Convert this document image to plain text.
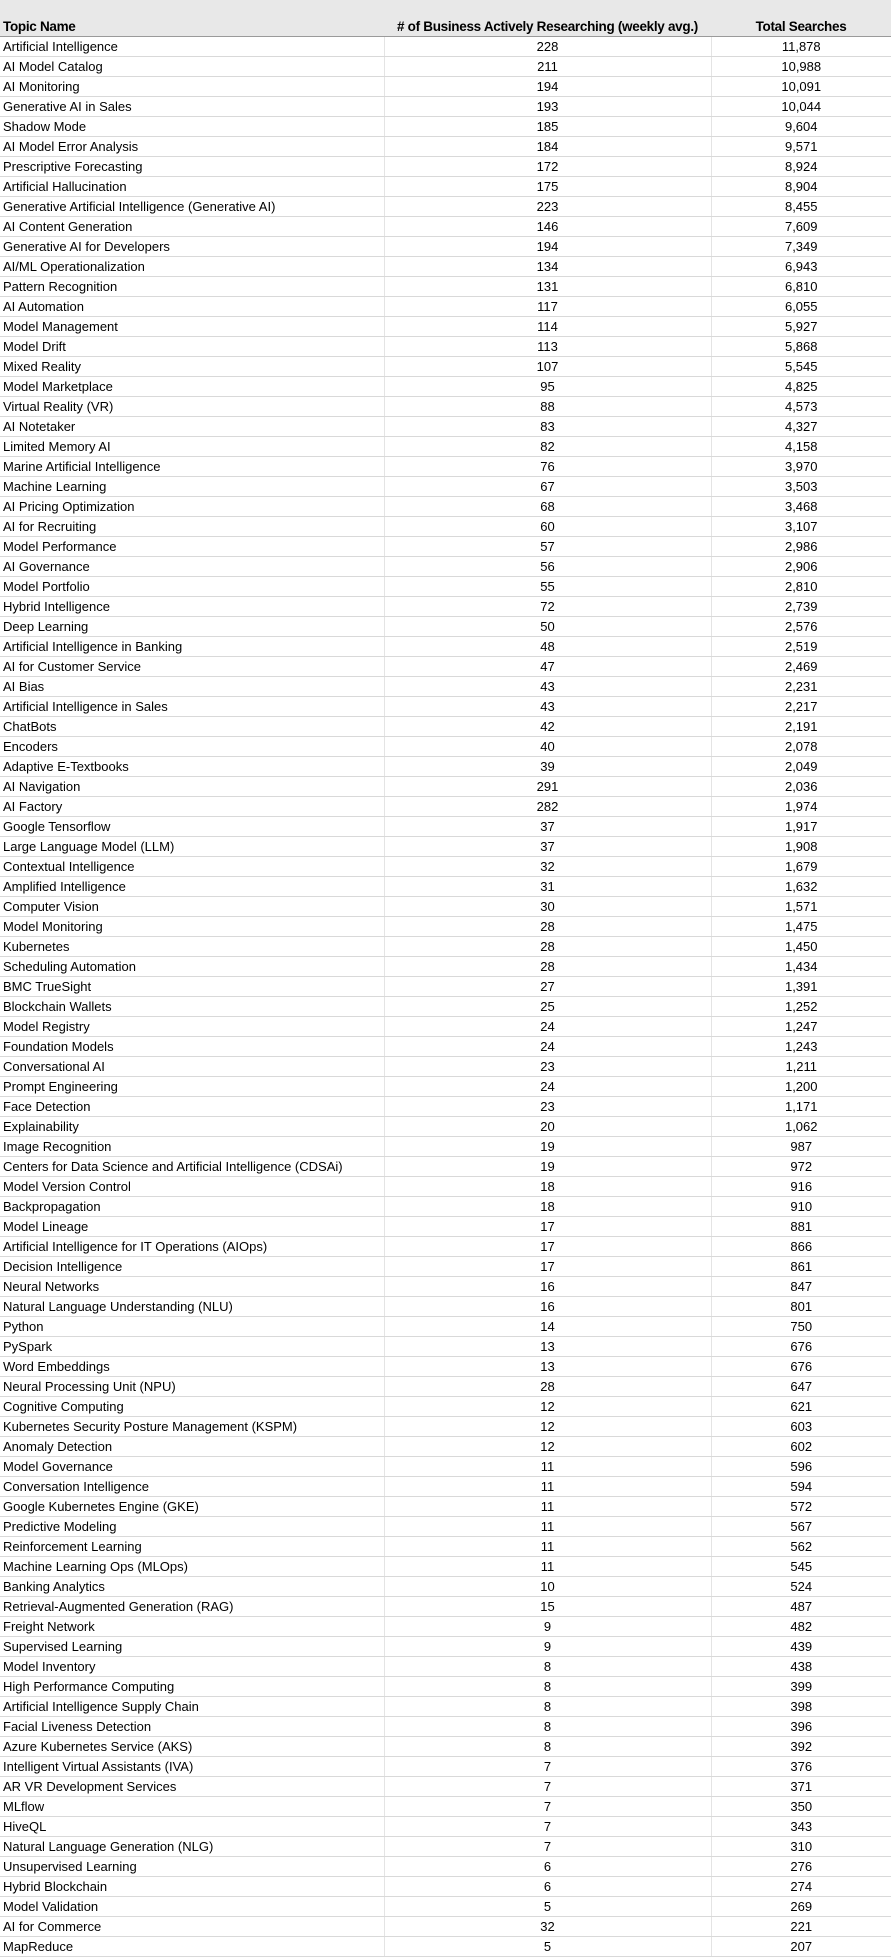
Topic Name	# of Business Actively Researching (weekly avg.)	Total Searches
Artificial Intelligence	228	11,878
AI Model Catalog	211	10,988
AI Monitoring	194	10,091
Generative AI in Sales	193	10,044
Shadow Mode	185	9,604
AI Model Error Analysis	184	9,571
Prescriptive Forecasting	172	8,924
Artificial Hallucination	175	8,904
Generative Artificial Intelligence (Generative AI)	223	8,455
AI Content Generation	146	7,609
Generative AI for Developers	194	7,349
AI/ML Operationalization	134	6,943
Pattern Recognition	131	6,810
AI Automation	117	6,055
Model Management	114	5,927
Model Drift	113	5,868
Mixed Reality	107	5,545
Model Marketplace	95	4,825
Virtual Reality (VR)	88	4,573
AI Notetaker	83	4,327
Limited Memory AI	82	4,158
Marine Artificial Intelligence	76	3,970
Machine Learning	67	3,503
AI Pricing Optimization	68	3,468
AI for Recruiting	60	3,107
Model Performance	57	2,986
AI Governance	56	2,906
Model Portfolio	55	2,810
Hybrid Intelligence	72	2,739
Deep Learning	50	2,576
Artificial Intelligence in Banking	48	2,519
AI for Customer Service	47	2,469
AI Bias	43	2,231
Artificial Intelligence in Sales	43	2,217
ChatBots	42	2,191
Encoders	40	2,078
Adaptive E-Textbooks	39	2,049
AI Navigation	291	2,036
AI Factory	282	1,974
Google Tensorflow	37	1,917
Large Language Model (LLM)	37	1,908
Contextual Intelligence	32	1,679
Amplified Intelligence	31	1,632
Computer Vision	30	1,571
Model Monitoring	28	1,475
Kubernetes	28	1,450
Scheduling Automation	28	1,434
BMC TrueSight	27	1,391
Blockchain Wallets	25	1,252
Model Registry	24	1,247
Foundation Models	24	1,243
Conversational AI	23	1,211
Prompt Engineering	24	1,200
Face Detection	23	1,171
Explainability	20	1,062
Image Recognition	19	987
Centers for Data Science and Artificial Intelligence (CDSAi)	19	972
Model Version Control	18	916
Backpropagation	18	910
Model Lineage	17	881
Artificial Intelligence for IT Operations (AIOps)	17	866
Decision Intelligence	17	861
Neural Networks	16	847
Natural Language Understanding (NLU)	16	801
Python	14	750
PySpark	13	676
Word Embeddings	13	676
Neural Processing Unit (NPU)	28	647
Cognitive Computing	12	621
Kubernetes Security Posture Management (KSPM)	12	603
Anomaly Detection	12	602
Model Governance	11	596
Conversation Intelligence	11	594
Google Kubernetes Engine (GKE)	11	572
Predictive Modeling	11	567
Reinforcement Learning	11	562
Machine Learning Ops (MLOps)	11	545
Banking Analytics	10	524
Retrieval-Augmented Generation (RAG)	15	487
Freight Network	9	482
Supervised Learning	9	439
Model Inventory	8	438
High Performance Computing	8	399
Artificial Intelligence Supply Chain	8	398
Facial Liveness Detection	8	396
Azure Kubernetes Service (AKS)	8	392
Intelligent Virtual Assistants (IVA)	7	376
AR VR Development Services	7	371
MLflow	7	350
HiveQL	7	343
Natural Language Generation (NLG)	7	310
Unsupervised Learning	6	276
Hybrid Blockchain	6	274
Model Validation	5	269
AI for Commerce	32	221
MapReduce	5	207
